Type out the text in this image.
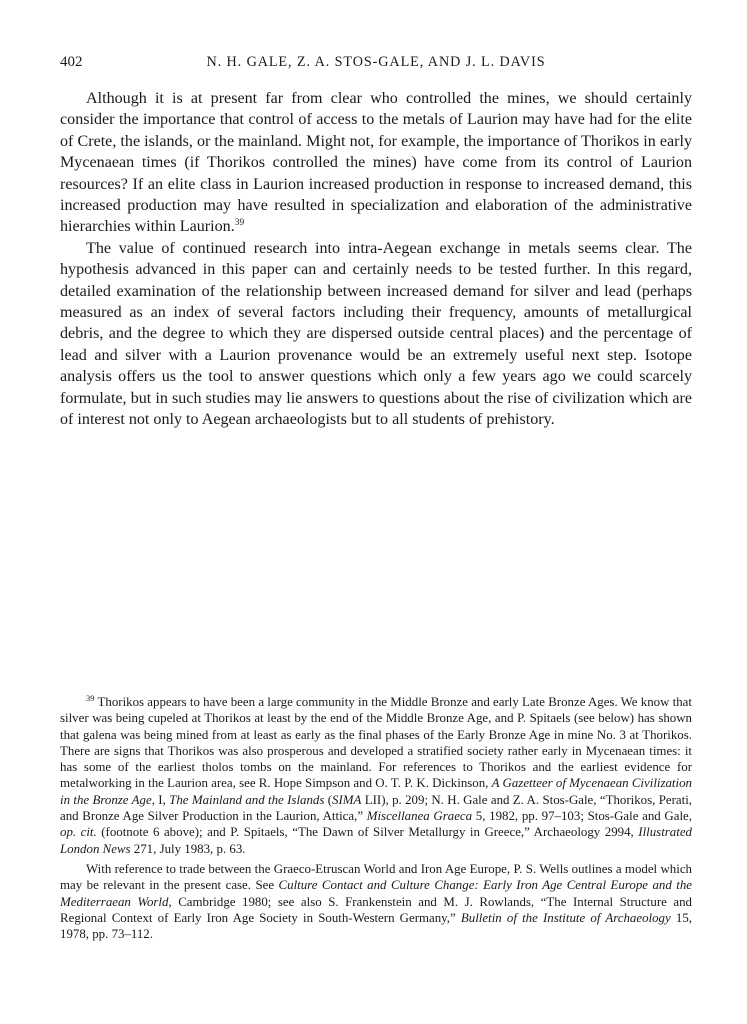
402	N. H. GALE, Z. A. STOS-GALE, AND J. L. DAVIS

Although it is at present far from clear who controlled the mines, we should certainly consider the importance that control of access to the metals of Laurion may have had for the elite of Crete, the islands, or the mainland. Might not, for example, the importance of Thorikos in early Mycenaean times (if Thorikos controlled the mines) have come from its control of Laurion resources? If an elite class in Laurion increased production in response to increased demand, this increased production may have resulted in specialization and elaboration of the administrative hierarchies within Laurion.$^{39}$

The value of continued research into intra-Aegean exchange in metals seems clear. The hypothesis advanced in this paper can and certainly needs to be tested further. In this regard, detailed examination of the relationship between increased demand for silver and lead (perhaps measured as an index of several factors including their frequency, amounts of metallurgical debris, and the degree to which they are dispersed outside central places) and the percentage of lead and silver with a Laurion provenance would be an extremely useful next step. Isotope analysis offers us the tool to answer questions which only a few years ago we could scarcely formulate, but in such studies may lie answers to questions about the rise of civilization which are of interest not only to Aegean archaeologists but to all students of prehistory.

$^{39}$ Thorikos appears to have been a large community in the Middle Bronze and early Late Bronze Ages. We know that silver was being cupeled at Thorikos at least by the end of the Middle Bronze Age, and P. Spitaels (see below) has shown that galena was being mined from at least as early as the final phases of the Early Bronze Age in mine No. 3 at Thorikos. There are signs that Thorikos was also prosperous and developed a stratified society rather early in Mycenaean times: it has some of the earliest tholos tombs on the mainland. For references to Thorikos and the earliest evidence for metalworking in the Laurion area, see R. Hope Simpson and O. T. P. K. Dickinson, A Gazetteer of Mycenaean Civilization in the Bronze Age, I, The Mainland and the Islands (SIMA LII), p. 209; N. H. Gale and Z. A. Stos-Gale, “Thorikos, Perati, and Bronze Age Silver Production in the Laurion, Attica,” Miscellanea Graeca 5, 1982, pp. 97–103; Stos-Gale and Gale, op. cit. (footnote 6 above); and P. Spitaels, “The Dawn of Silver Metallurgy in Greece,” Archaeology 2994, Illustrated London News 271, July 1983, p. 63.

With reference to trade between the Graeco-Etruscan World and Iron Age Europe, P. S. Wells outlines a model which may be relevant in the present case. See Culture Contact and Culture Change: Early Iron Age Central Europe and the Mediterraean World, Cambridge 1980; see also S. Frankenstein and M. J. Rowlands, “The Internal Structure and Regional Context of Early Iron Age Society in South-Western Germany,” Bulletin of the Institute of Archaeology 15, 1978, pp. 73–112.
